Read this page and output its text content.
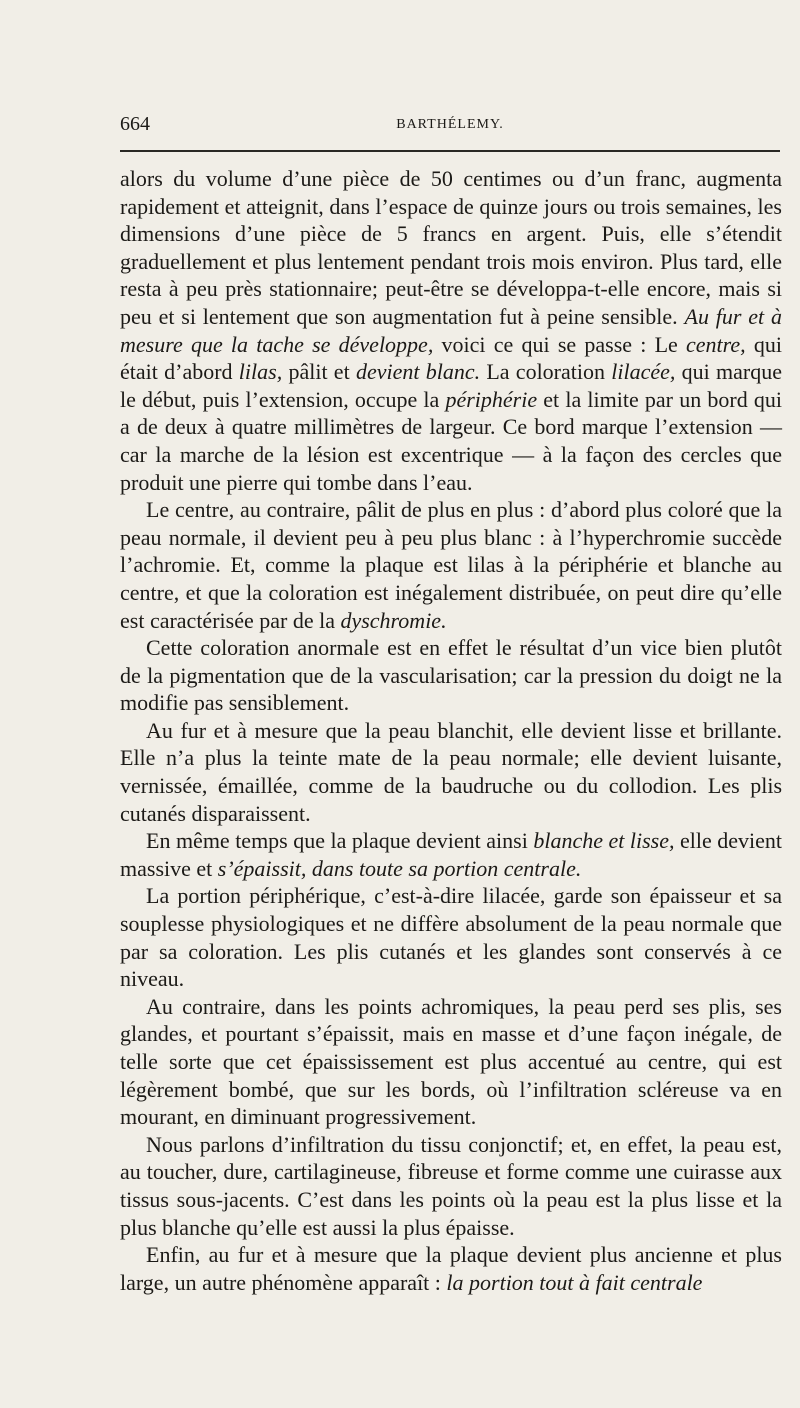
664	BARTHÉLEMY.

alors du volume d’une pièce de 50 centimes ou d’un franc, augmenta rapidement et atteignit, dans l’espace de quinze jours ou trois semaines, les dimensions d’une pièce de 5 francs en argent. Puis, elle s’étendit graduellement et plus lentement pendant trois mois environ. Plus tard, elle resta à peu près stationnaire; peut-être se développa-t-elle encore, mais si peu et si lentement que son augmentation fut à peine sensible. Au fur et à mesure que la tache se développe, voici ce qui se passe : Le centre, qui était d’abord lilas, pâlit et devient blanc. La coloration lilacée, qui marque le début, puis l’extension, occupe la périphérie et la limite par un bord qui a de deux à quatre millimètres de largeur. Ce bord marque l’extension — car la marche de la lésion est excentrique — à la façon des cercles que produit une pierre qui tombe dans l’eau.

Le centre, au contraire, pâlit de plus en plus : d’abord plus coloré que la peau normale, il devient peu à peu plus blanc : à l’hyperchromie succède l’achromie. Et, comme la plaque est lilas à la périphérie et blanche au centre, et que la coloration est inégalement distribuée, on peut dire qu’elle est caractérisée par de la dyschromie.

Cette coloration anormale est en effet le résultat d’un vice bien plutôt de la pigmentation que de la vascularisation; car la pression du doigt ne la modifie pas sensiblement.

Au fur et à mesure que la peau blanchit, elle devient lisse et brillante. Elle n’a plus la teinte mate de la peau normale; elle devient luisante, vernissée, émaillée, comme de la baudruche ou du collodion. Les plis cutanés disparaissent.

En même temps que la plaque devient ainsi blanche et lisse, elle devient massive et s’épaissit, dans toute sa portion centrale.

La portion périphérique, c’est-à-dire lilacée, garde son épaisseur et sa souplesse physiologiques et ne diffère absolument de la peau normale que par sa coloration. Les plis cutanés et les glandes sont conservés à ce niveau.

Au contraire, dans les points achromiques, la peau perd ses plis, ses glandes, et pourtant s’épaissit, mais en masse et d’une façon inégale, de telle sorte que cet épaississement est plus accentué au centre, qui est légèrement bombé, que sur les bords, où l’infiltration scléreuse va en mourant, en diminuant progressivement.

Nous parlons d’infiltration du tissu conjonctif; et, en effet, la peau est, au toucher, dure, cartilagineuse, fibreuse et forme comme une cuirasse aux tissus sous-jacents. C’est dans les points où la peau est la plus lisse et la plus blanche qu’elle est aussi la plus épaisse.

Enfin, au fur et à mesure que la plaque devient plus ancienne et plus large, un autre phénomène apparaît : la portion tout à fait centrale
